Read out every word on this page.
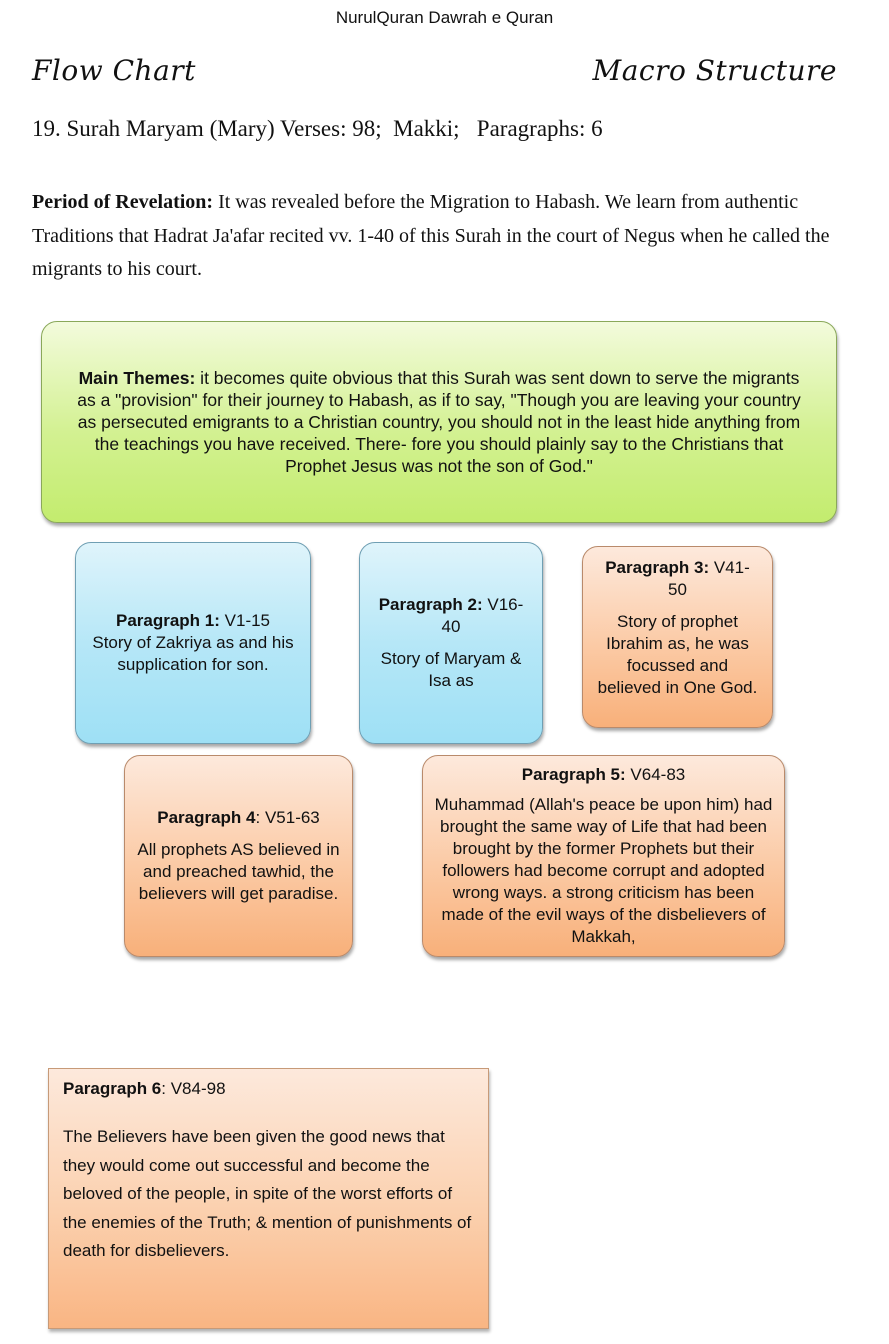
NurulQuran Dawrah e Quran
Flow Chart	Macro Structure
19. Surah Maryam (Mary) Verses: 98;  Makki;   Paragraphs: 6
Period of Revelation: It was revealed before the Migration to Habash. We learn from authentic Traditions that Hadrat Ja'afar recited vv. 1-40 of this Surah in the court of Negus when he called the migrants to his court.
Main Themes: it becomes quite obvious that this Surah was sent down to serve the migrants as a "provision" for their journey to Habash, as if to say, "Though you are leaving your country as persecuted emigrants to a Christian country, you should not in the least hide anything from the teachings you have received. There- fore you should plainly say to the Christians that Prophet Jesus was not the son of God."
Paragraph 1: V1-15
Story of Zakriya as and his supplication for son.
Paragraph 2: V16-40
Story of Maryam & Isa as
Paragraph 3: V41-50
Story of prophet Ibrahim as, he was focussed and believed in One God.
Paragraph 4: V51-63
All prophets AS believed in and preached tawhid, the believers will get paradise.
Paragraph 5: V64-83
Muhammad (Allah's peace be upon him) had brought the same way of Life that had been brought by the former Prophets but their followers had become corrupt and adopted wrong ways. a strong criticism has been made of the evil ways of the disbelievers of Makkah,
Paragraph 6: V84-98
The Believers have been given the good news that they would come out successful and become the beloved of the people, in spite of the worst efforts of the enemies of the Truth; & mention of punishments of death for disbelievers.
